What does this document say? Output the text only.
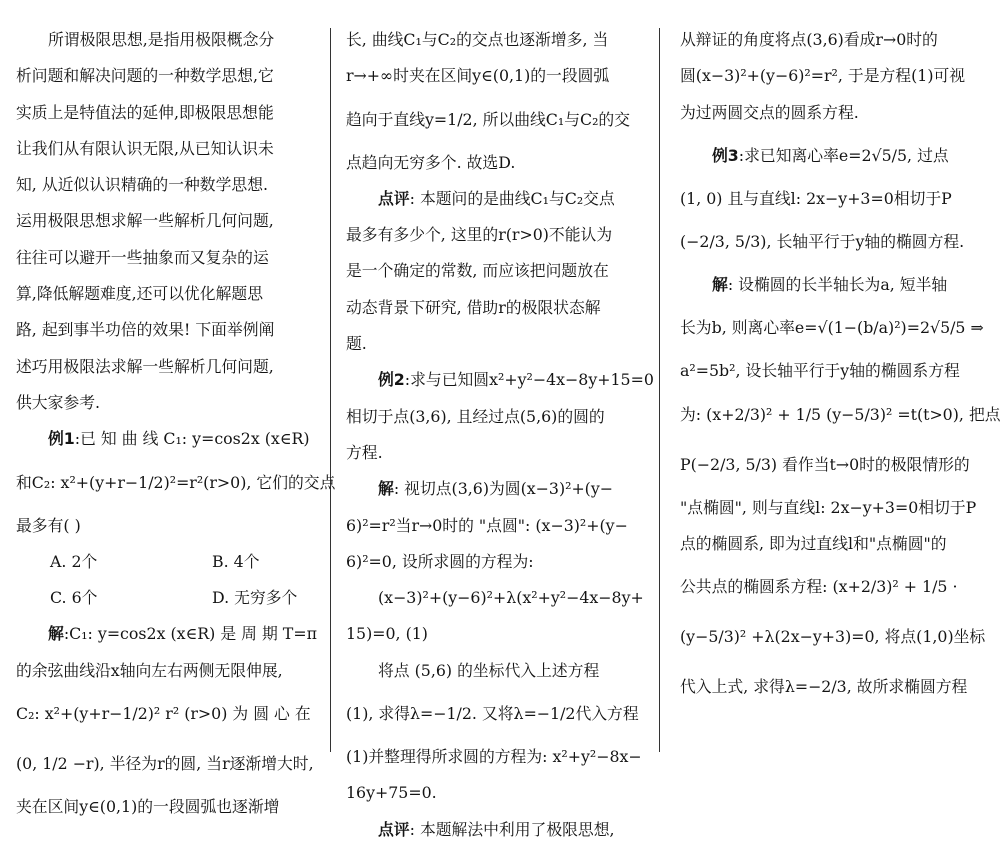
所谓极限思想,是指用极限概念分
析问题和解决问题的一种数学思想,它
实质上是特值法的延伸,即极限思想能
让我们从有限认识无限,从已知认识未
知, 从近似认识精确的一种数学思想.
运用极限思想求解一些解析几何问题,
往往可以避开一些抽象而又复杂的运
算,降低解题难度,还可以优化解题思
路, 起到事半功倍的效果! 下面举例阐
述巧用极限法求解一些解析几何问题,
供大家参考.
例1:已 知 曲 线 C₁: y=cos2x (x∈R)
和C₂: x²+(y+r−1/2)²=r²(r>0), 它们的交点
最多有( )
A. 2个	B. 4个
C. 6个	D. 无穷多个
解:C₁: y=cos2x (x∈R) 是 周 期 T=π
的余弦曲线沿x轴向左右两侧无限伸展,
C₂: x²+(y+r−1/2)² r² (r>0) 为 圆 心 在
(0, 1/2 −r), 半径为r的圆, 当r逐渐增大时,
夹在区间y∈(0,1)的一段圆弧也逐渐增
长, 曲线C₁与C₂的交点也逐渐增多, 当
r→+∞时夹在区间y∈(0,1)的一段圆弧
趋向于直线y=1/2, 所以曲线C₁与C₂的交
点趋向无穷多个. 故选D.
点评: 本题问的是曲线C₁与C₂交点
最多有多少个, 这里的r(r>0)不能认为
是一个确定的常数, 而应该把问题放在
动态背景下研究, 借助r的极限状态解
题.
例2:求与已知圆x²+y²−4x−8y+15=0
相切于点(3,6), 且经过点(5,6)的圆的
方程.
解: 视切点(3,6)为圆(x−3)²+(y−
6)²=r²当r→0时的 "点圆": (x−3)²+(y−
6)²=0, 设所求圆的方程为:
(x−3)²+(y−6)²+λ(x²+y²−4x−8y+
15)=0, (1)
将点 (5,6) 的坐标代入上述方程
(1), 求得λ=−1/2. 又将λ=−1/2代入方程
(1)并整理得所求圆的方程为: x²+y²−8x−
16y+75=0.
点评: 本题解法中利用了极限思想,
从辩证的角度将点(3,6)看成r→0时的
圆(x−3)²+(y−6)²=r², 于是方程(1)可视
为过两圆交点的圆系方程.
例3:求已知离心率e=2√5/5, 过点
(1, 0) 且与直线l: 2x−y+3=0相切于P
(−2/3, 5/3), 长轴平行于y轴的椭圆方程.
解: 设椭圆的长半轴长为a, 短半轴
长为b, 则离心率e=√(1−(b/a)²)=2√5/5 ⇒
a²=5b², 设长轴平行于y轴的椭圆系方程
为: (x+2/3)² + 1/5 (y−5/3)² =t(t>0), 把点
P(−2/3, 5/3) 看作当t→0时的极限情形的
"点椭圆", 则与直线l: 2x−y+3=0相切于P
点的椭圆系, 即为过直线l和"点椭圆"的
公共点的椭圆系方程: (x+2/3)² + 1/5 ·
(y−5/3)² +λ(2x−y+3)=0, 将点(1,0)坐标
代入上式, 求得λ=−2/3, 故所求椭圆方程
